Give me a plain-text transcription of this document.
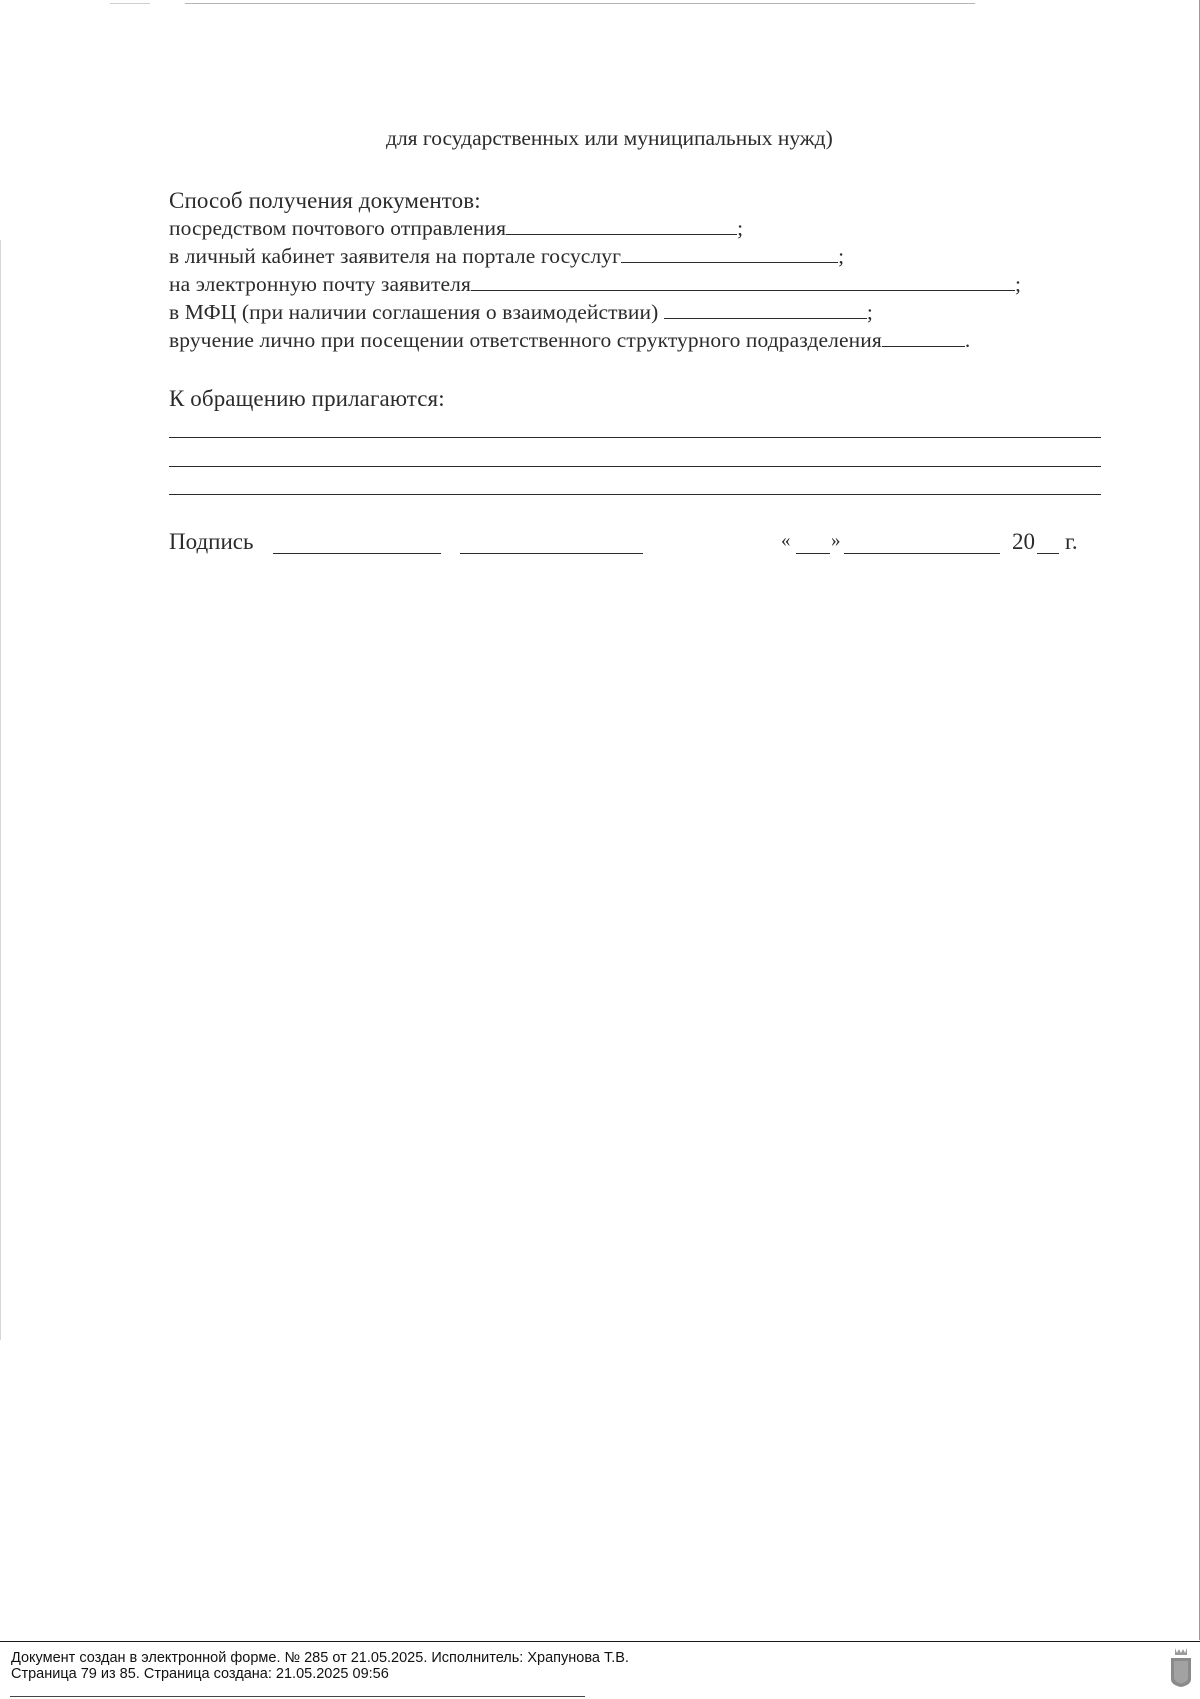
для государственных или муниципальных нужд)
Способ получения документов:
посредством почтового отправления	;
в личный кабинет заявителя на портале госуслуг	;
на электронную почту заявителя	;
в МФЦ (при наличии соглашения о взаимодействии)	;
вручение лично при посещении ответственного структурного подразделения	.
К обращению прилагаются:
Подпись	« »	20 г.
Документ создан в электронной форме. № 285 от 21.05.2025. Исполнитель: Храпунова Т.В.
Страница 79 из 85. Страница создана: 21.05.2025 09:56
